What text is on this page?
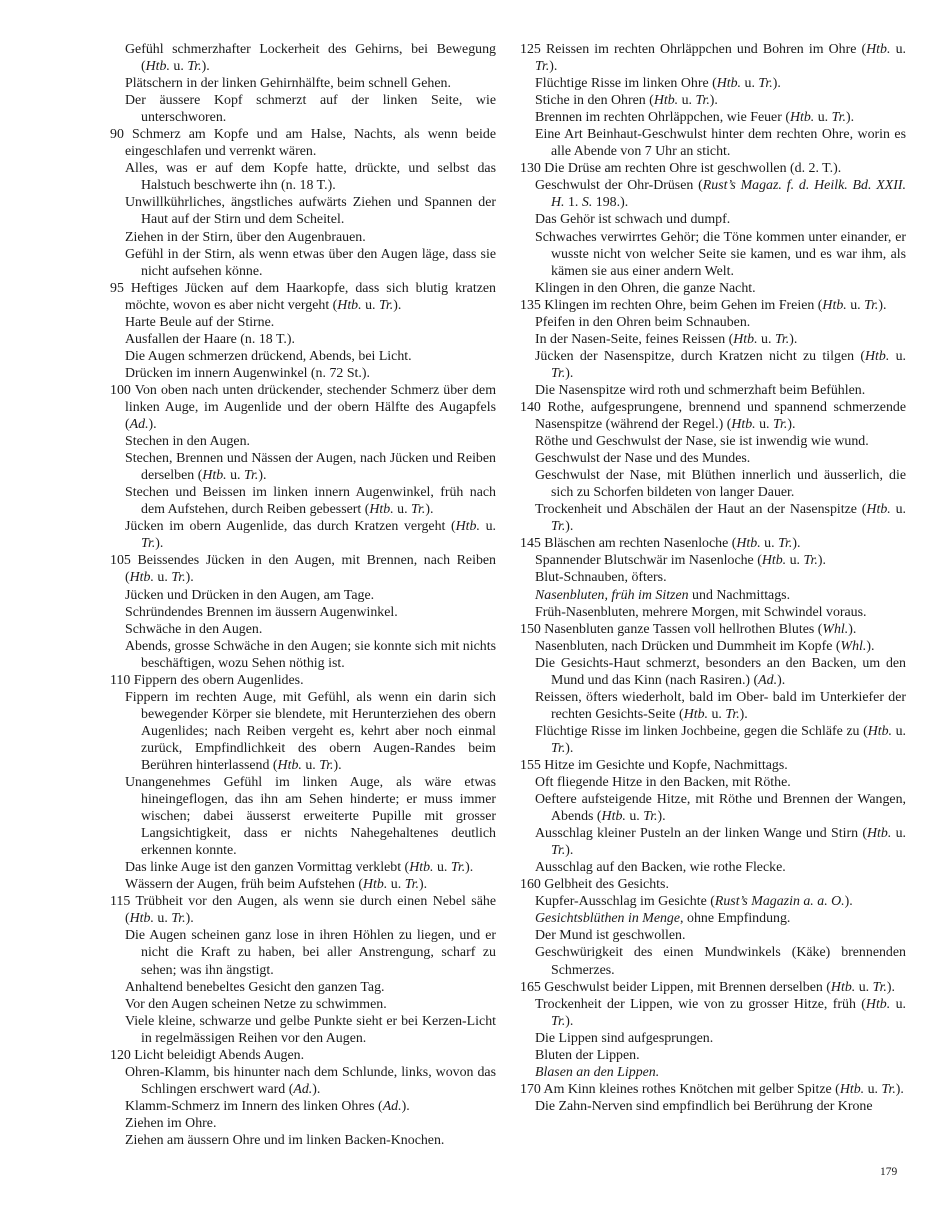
Gefühl schmerzhafter Lockerheit des Gehirns, bei Bewegung (Htb. u. Tr.).

Plätschern in der linken Gehirnhälfte, beim schnell Gehen.

Der äussere Kopf schmerzt auf der linken Seite, wie unterschworen.

90 Schmerz am Kopfe und am Halse, Nachts, als wenn beide eingeschlafen und verrenkt wären.

Alles, was er auf dem Kopfe hatte, drückte, und selbst das Halstuch beschwerte ihn (n. 18 T.).

Unwillkührliches, ängstliches aufwärts Ziehen und Spannen der Haut auf der Stirn und dem Scheitel.

Ziehen in der Stirn, über den Augenbrauen.

Gefühl in der Stirn, als wenn etwas über den Augen läge, dass sie nicht aufsehen könne.

95 Heftiges Jücken auf dem Haarkopfe, dass sich blutig kratzen möchte, wovon es aber nicht vergeht (Htb. u. Tr.).

Harte Beule auf der Stirne.

Ausfallen der Haare (n. 18 T.).

Die Augen schmerzen drückend, Abends, bei Licht.

Drücken im innern Augenwinkel (n. 72 St.).

100 Von oben nach unten drückender, stechender Schmerz über dem linken Auge, im Augenlide und der obern Hälfte des Augapfels (Ad.).

Stechen in den Augen.

Stechen, Brennen und Nässen der Augen, nach Jücken und Reiben derselben (Htb. u. Tr.).

Stechen und Beissen im linken innern Augenwinkel, früh nach dem Aufstehen, durch Reiben gebessert (Htb. u. Tr.).

Jücken im obern Augenlide, das durch Kratzen vergeht (Htb. u. Tr.).

105 Beissendes Jücken in den Augen, mit Brennen, nach Reiben (Htb. u. Tr.).

Jücken und Drücken in den Augen, am Tage.

Schründendes Brennen im äussern Augenwinkel.

Schwäche in den Augen.

Abends, grosse Schwäche in den Augen; sie konnte sich mit nichts beschäftigen, wozu Sehen nöthig ist.

110 Fippern des obern Augenlides.

Fippern im rechten Auge, mit Gefühl, als wenn ein darin sich bewegender Körper sie blendete, mit Herunterziehen des obern Augenlides; nach Reiben vergeht es, kehrt aber noch einmal zurück, Empfindlichkeit des obern Augen-Randes beim Berühren hinterlassend (Htb. u. Tr.).

Unangenehmes Gefühl im linken Auge, als wäre etwas hineingeflogen, das ihn am Sehen hinderte; er muss immer wischen; dabei äusserst erweiterte Pupille mit grosser Langsichtigkeit, dass er nichts Nahegehaltenes deutlich erkennen konnte.

Das linke Auge ist den ganzen Vormittag verklebt (Htb. u. Tr.).

Wässern der Augen, früh beim Aufstehen (Htb. u. Tr.).

115 Trübheit vor den Augen, als wenn sie durch einen Nebel sähe (Htb. u. Tr.).

Die Augen scheinen ganz lose in ihren Höhlen zu liegen, und er nicht die Kraft zu haben, bei aller Anstrengung, scharf zu sehen; was ihn ängstigt.

Anhaltend benebeltes Gesicht den ganzen Tag.

Vor den Augen scheinen Netze zu schwimmen.

Viele kleine, schwarze und gelbe Punkte sieht er bei Kerzen-Licht in regelmässigen Reihen vor den Augen.

120 Licht beleidigt Abends Augen.

Ohren-Klamm, bis hinunter nach dem Schlunde, links, wovon das Schlingen erschwert ward (Ad.).

Klamm-Schmerz im Innern des linken Ohres (Ad.).

Ziehen im Ohre.

Ziehen am äussern Ohre und im linken Backen-Knochen.

125 Reissen im rechten Ohrläppchen und Bohren im Ohre (Htb. u. Tr.).

Flüchtige Risse im linken Ohre (Htb. u. Tr.).

Stiche in den Ohren (Htb. u. Tr.).

Brennen im rechten Ohrläppchen, wie Feuer (Htb. u. Tr.).

Eine Art Beinhaut-Geschwulst hinter dem rechten Ohre, worin es alle Abende von 7 Uhr an sticht.

130 Die Drüse am rechten Ohre ist geschwollen (d. 2. T.).

Geschwulst der Ohr-Drüsen (Rust’s Magaz. f. d. Heilk. Bd. XXII. H. 1. S. 198.).

Das Gehör ist schwach und dumpf.

Schwaches verwirrtes Gehör; die Töne kommen unter einander, er wusste nicht von welcher Seite sie kamen, und es war ihm, als kämen sie aus einer andern Welt.

Klingen in den Ohren, die ganze Nacht.

135 Klingen im rechten Ohre, beim Gehen im Freien (Htb. u. Tr.).

Pfeifen in den Ohren beim Schnauben.

In der Nasen-Seite, feines Reissen (Htb. u. Tr.).

Jücken der Nasenspitze, durch Kratzen nicht zu tilgen (Htb. u. Tr.).

Die Nasenspitze wird roth und schmerzhaft beim Befühlen.

140 Rothe, aufgesprungene, brennend und spannend schmerzende Nasenspitze (während der Regel.) (Htb. u. Tr.).

Röthe und Geschwulst der Nase, sie ist inwendig wie wund.

Geschwulst der Nase und des Mundes.

Geschwulst der Nase, mit Blüthen innerlich und äusserlich, die sich zu Schorfen bildeten von langer Dauer.

Trockenheit und Abschälen der Haut an der Nasenspitze (Htb. u. Tr.).

145 Bläschen am rechten Nasenloche (Htb. u. Tr.).

Spannender Blutschwär im Nasenloche (Htb. u. Tr.).

Blut-Schnauben, öfters.

Nasenbluten, früh im Sitzen und Nachmittags.

Früh-Nasenbluten, mehrere Morgen, mit Schwindel voraus.

150 Nasenbluten ganze Tassen voll hellrothen Blutes (Whl.).

Nasenbluten, nach Drücken und Dummheit im Kopfe (Whl.).

Die Gesichts-Haut schmerzt, besonders an den Backen, um den Mund und das Kinn (nach Rasiren.) (Ad.).

Reissen, öfters wiederholt, bald im Ober- bald im Unterkiefer der rechten Gesichts-Seite (Htb. u. Tr.).

Flüchtige Risse im linken Jochbeine, gegen die Schläfe zu (Htb. u. Tr.).

155 Hitze im Gesichte und Kopfe, Nachmittags.

Oft fliegende Hitze in den Backen, mit Röthe.

Oeftere aufsteigende Hitze, mit Röthe und Brennen der Wangen, Abends (Htb. u. Tr.).

Ausschlag kleiner Pusteln an der linken Wange und Stirn (Htb. u. Tr.).

Ausschlag auf den Backen, wie rothe Flecke.

160 Gelbheit des Gesichts.

Kupfer-Ausschlag im Gesichte (Rust’s Magazin a. a. O.).

Gesichtsblüthen in Menge, ohne Empfindung.

Der Mund ist geschwollen.

Geschwürigkeit des einen Mundwinkels (Käke) brennenden Schmerzes.

165 Geschwulst beider Lippen, mit Brennen derselben (Htb. u. Tr.).

Trockenheit der Lippen, wie von zu grosser Hitze, früh (Htb. u. Tr.).

Die Lippen sind aufgesprungen.

Bluten der Lippen.

Blasen an den Lippen.

170 Am Kinn kleines rothes Knötchen mit gelber Spitze (Htb. u. Tr.).

Die Zahn-Nerven sind empfindlich bei Berührung der Krone

179
